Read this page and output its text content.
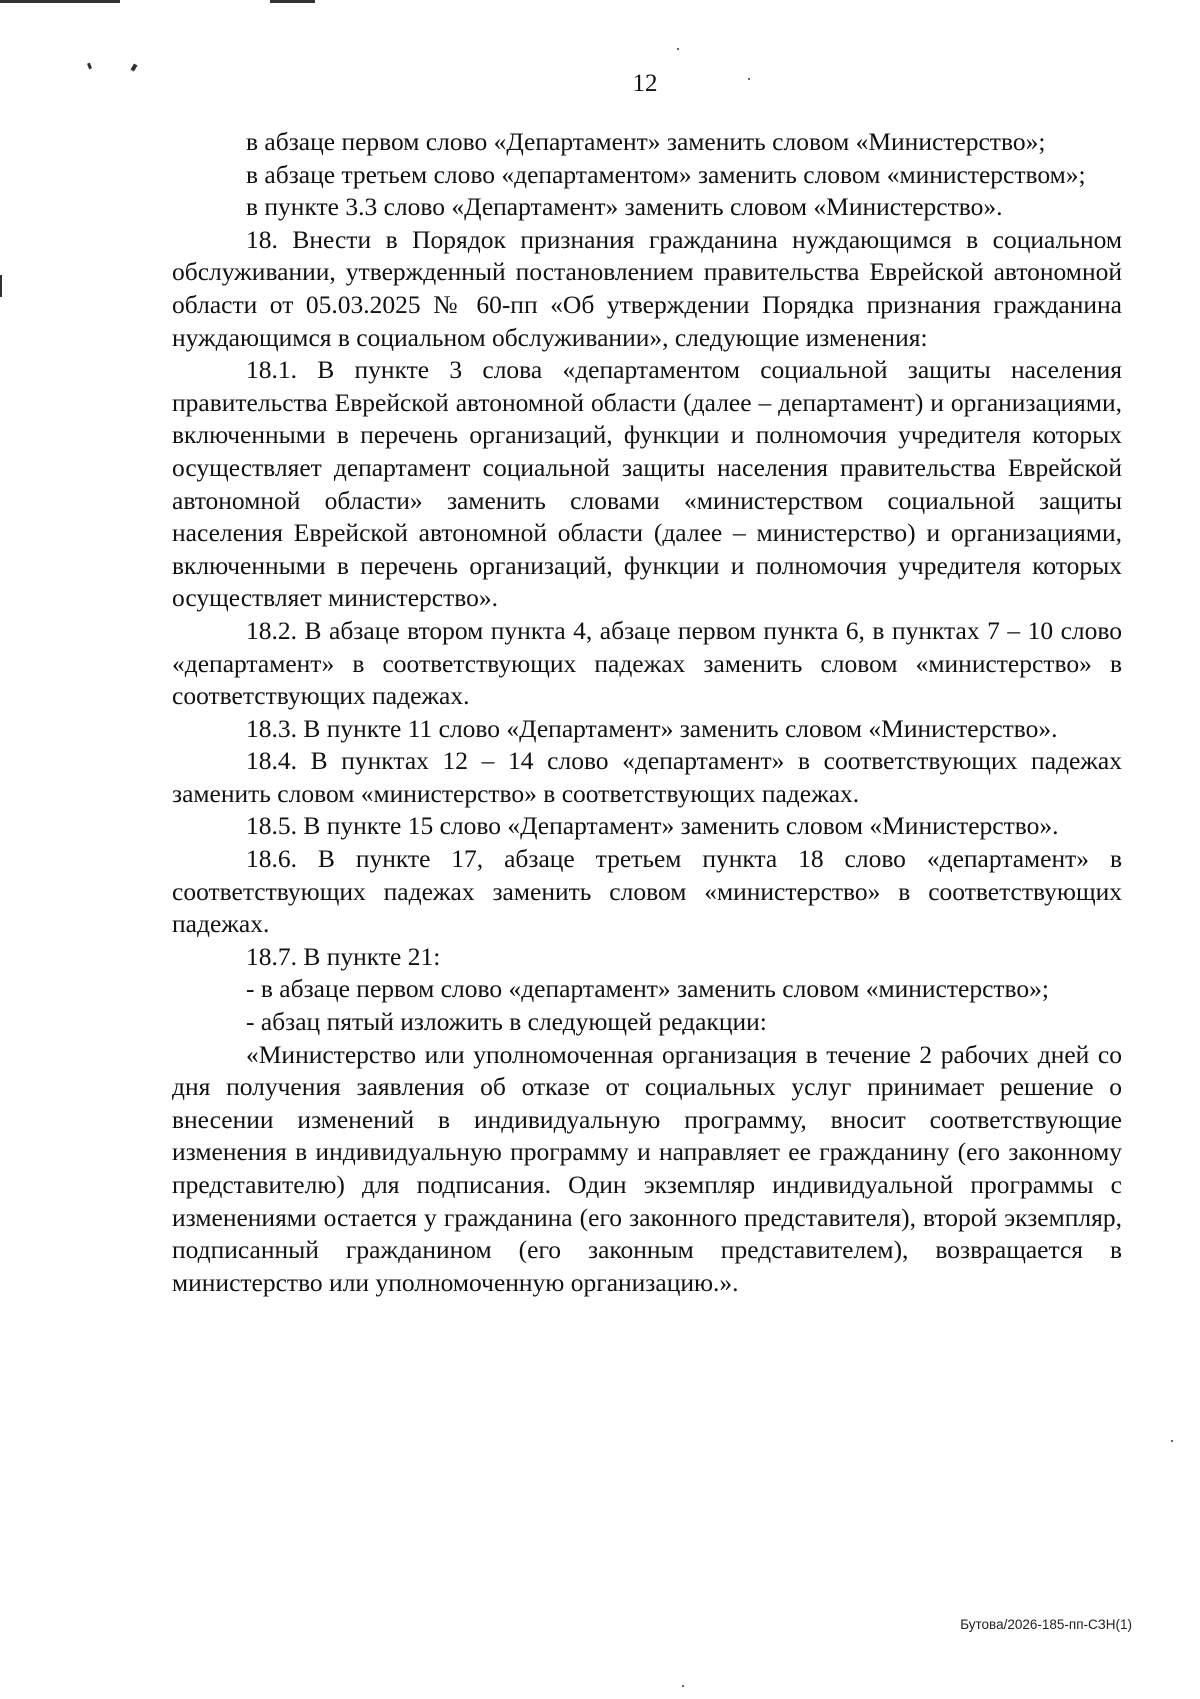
12

в абзаце первом слово «Департамент» заменить словом «Министерство»;

в абзаце третьем слово «департаментом» заменить словом «министерством»;

в пункте 3.3 слово «Департамент» заменить словом «Министерство».

18. Внести в Порядок признания гражданина нуждающимся в социальном обслуживании, утвержденный постановлением правительства Еврейской автономной области от 05.03.2025 № 60-пп «Об утверждении Порядка признания гражданина нуждающимся в социальном обслуживании», следующие изменения:

18.1. В пункте 3 слова «департаментом социальной защиты населения правительства Еврейской автономной области (далее – департамент) и организациями, включенными в перечень организаций, функции и полномочия учредителя которых осуществляет департамент социальной защиты населения правительства Еврейской автономной области» заменить словами «министерством социальной защиты населения Еврейской автономной области (далее – министерство) и организациями, включенными в перечень организаций, функции и полномочия учредителя которых осуществляет министерство».

18.2. В абзаце втором пункта 4, абзаце первом пункта 6, в пунктах 7 – 10 слово «департамент» в соответствующих падежах заменить словом «министерство» в соответствующих падежах.

18.3. В пункте 11 слово «Департамент» заменить словом «Министерство».

18.4. В пунктах 12 – 14 слово «департамент» в соответствующих падежах заменить словом «министерство» в соответствующих падежах.

18.5. В пункте 15 слово «Департамент» заменить словом «Министерство».

18.6. В пункте 17, абзаце третьем пункта 18 слово «департамент» в соответствующих падежах заменить словом «министерство» в соответствующих падежах.

18.7. В пункте 21:

- в абзаце первом слово «департамент» заменить словом «министерство»;

- абзац пятый изложить в следующей редакции:

«Министерство или уполномоченная организация в течение 2 рабочих дней со дня получения заявления об отказе от социальных услуг принимает решение о внесении изменений в индивидуальную программу, вносит соответствующие изменения в индивидуальную программу и направляет ее гражданину (его законному представителю) для подписания. Один экземпляр индивидуальной программы с изменениями остается у гражданина (его законного представителя), второй экземпляр, подписанный гражданином (его законным представителем), возвращается в министерство или уполномоченную организацию.».

Бутова/2026-185-пп-СЗН(1)
